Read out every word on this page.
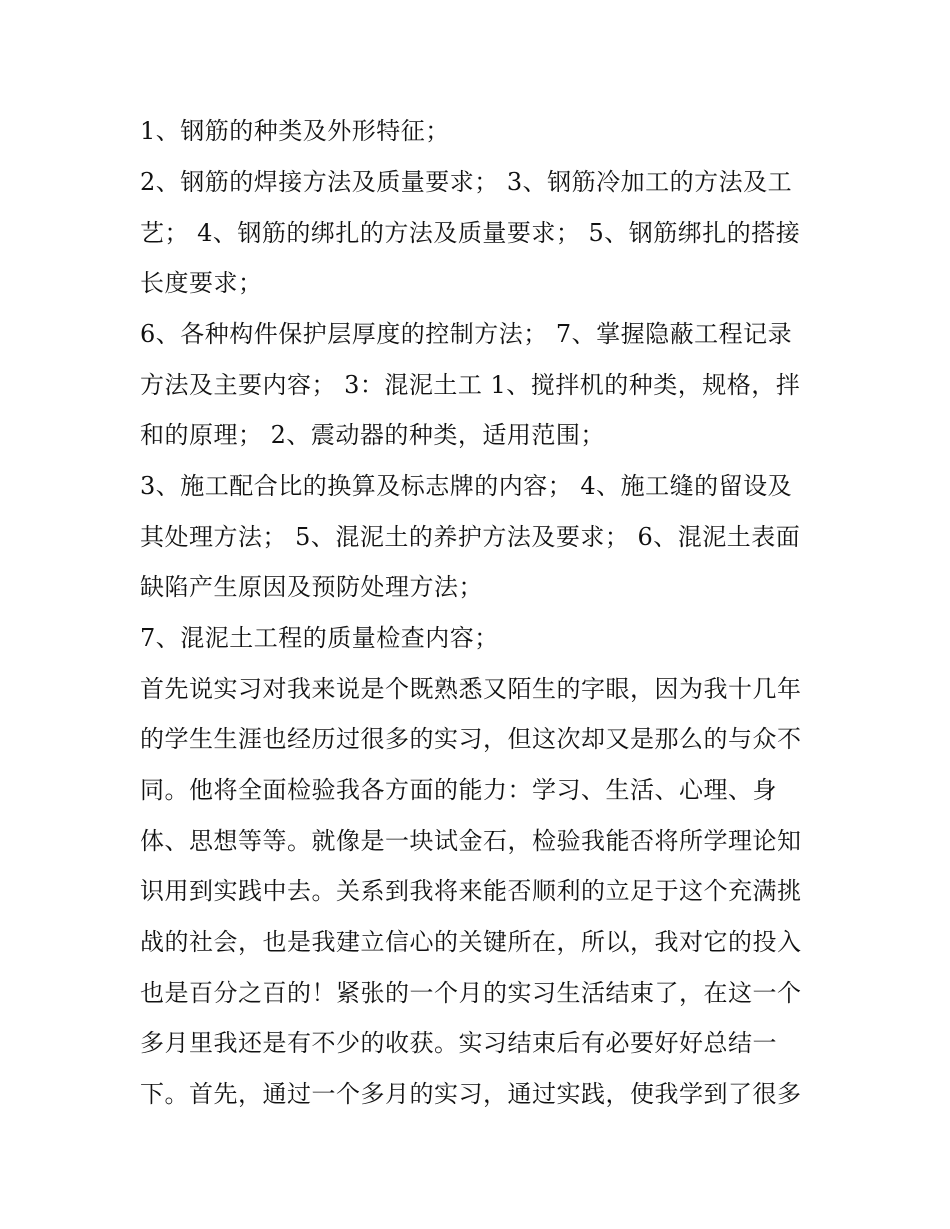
1、钢筋的种类及外形特征；
2、钢筋的焊接方法及质量要求； 3、钢筋冷加工的方法及工
艺； 4、钢筋的绑扎的方法及质量要求； 5、钢筋绑扎的搭接
长度要求；
6、各种构件保护层厚度的控制方法； 7、掌握隐蔽工程记录
方法及主要内容； 3：混泥土工 1、搅拌机的种类，规格，拌
和的原理； 2、震动器的种类，适用范围；
3、施工配合比的换算及标志牌的内容； 4、施工缝的留设及
其处理方法； 5、混泥土的养护方法及要求； 6、混泥土表面
缺陷产生原因及预防处理方法；
7、混泥土工程的质量检查内容；
首先说实习对我来说是个既熟悉又陌生的字眼，因为我十几年
的学生生涯也经历过很多的实习，但这次却又是那么的与众不
同。他将全面检验我各方面的能力：学习、生活、心理、身
体、思想等等。就像是一块试金石，检验我能否将所学理论知
识用到实践中去。关系到我将来能否顺利的立足于这个充满挑
战的社会，也是我建立信心的关键所在，所以，我对它的投入
也是百分之百的！紧张的一个月的实习生活结束了，在这一个
多月里我还是有不少的收获。实习结束后有必要好好总结一
下。首先，通过一个多月的实习，通过实践，使我学到了很多
